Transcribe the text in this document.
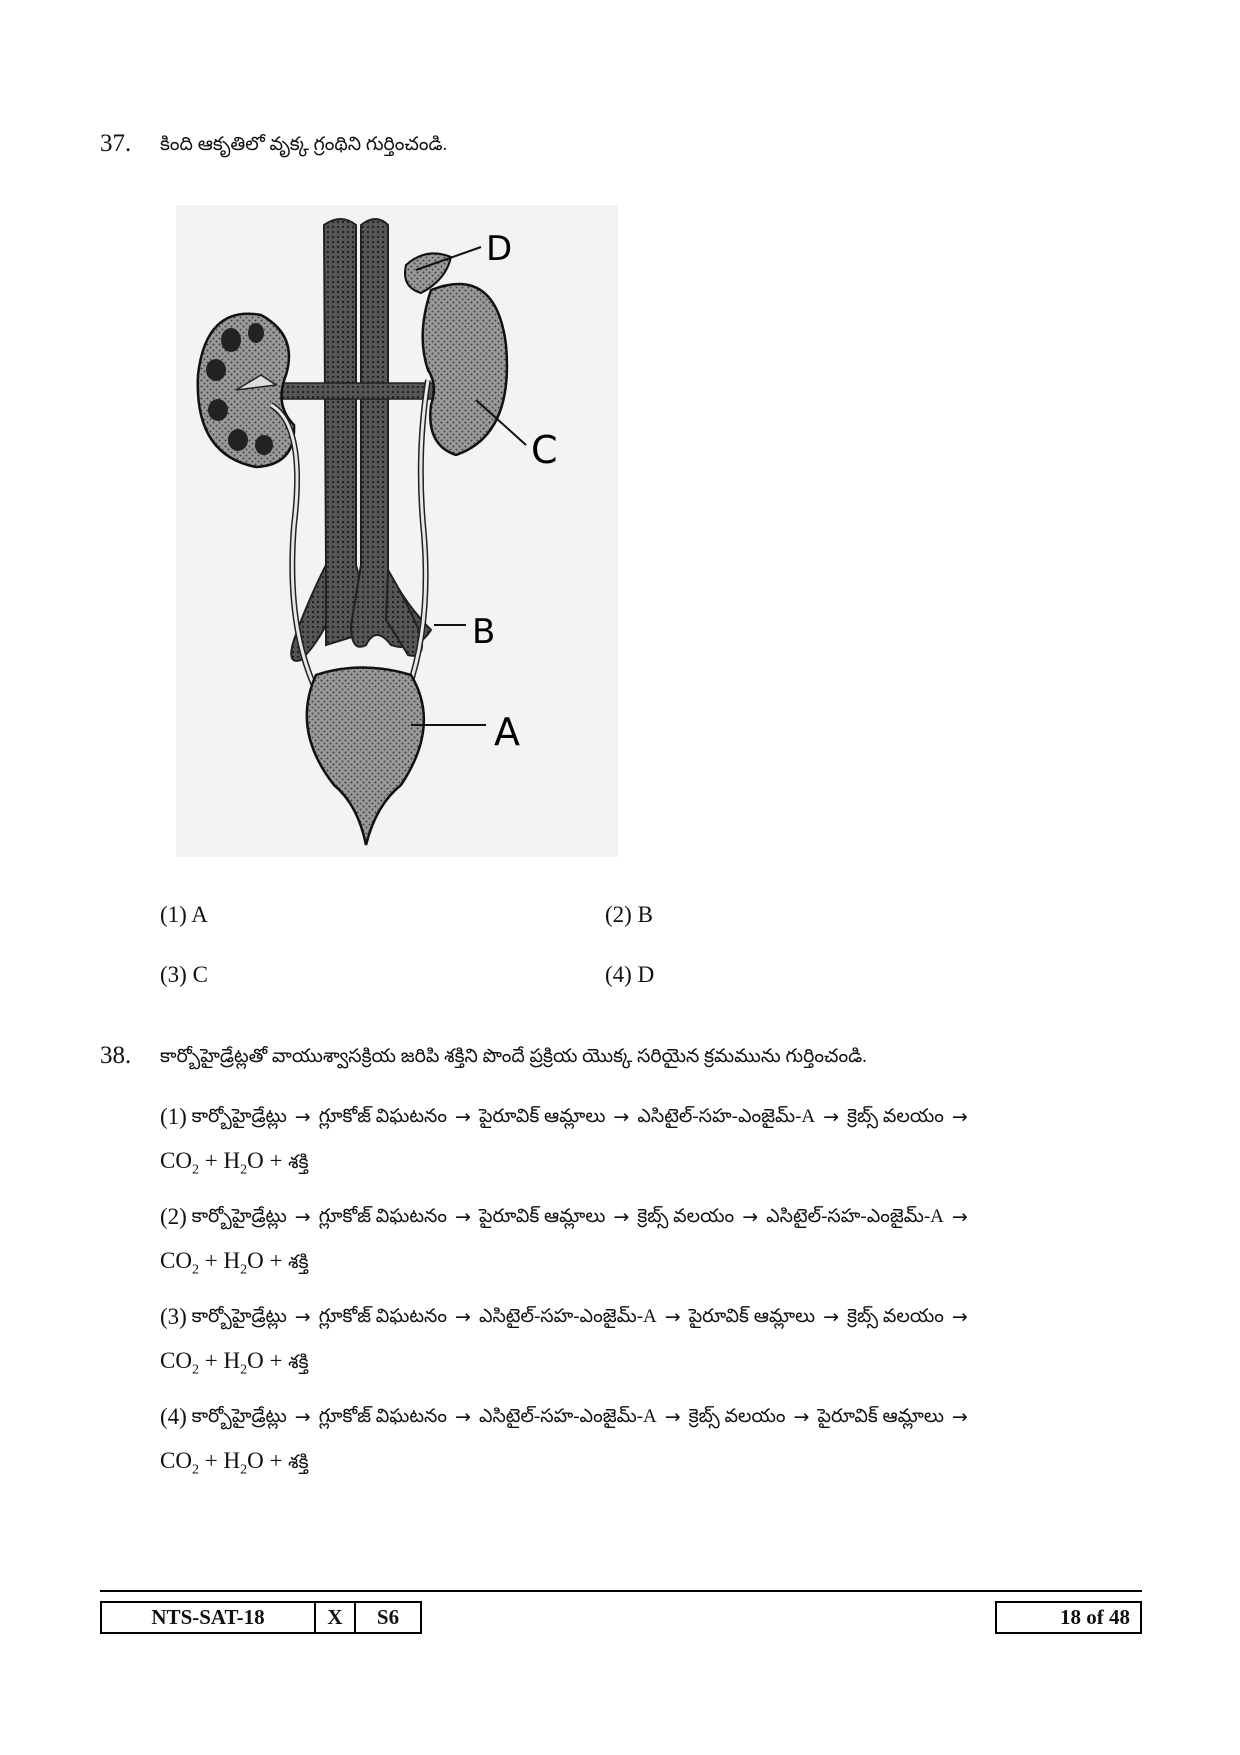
37. కింది ఆకృతిలో వృక్క గ్రంథిని గుర్తించండి.
D
C
B
A
(1) A	(2) B
(3) C	(4) D
38. కార్బోహైడ్రేట్లతో వాయుశ్వాసక్రియ జరిపి శక్తిని పొందే ప్రక్రియ యొక్క సరియైన క్రమమును గుర్తించండి.
(1)
కార్బోహైడ్రేట్లు → గ్లూకోజ్ విఘటనం → పైరూవిక్ ఆమ్లాలు → ఎసిటైల్-సహ-ఎంజైమ్-A → క్రెబ్స్ వలయం →
$CO_2 + H_2O$ + శక్తి
(2)
కార్బోహైడ్రేట్లు → గ్లూకోజ్ విఘటనం → పైరూవిక్ ఆమ్లాలు → క్రెబ్స్ వలయం → ఎసిటైల్-సహ-ఎంజైమ్-A →
$CO_2 + H_2O$ + శక్తి
(3)
కార్బోహైడ్రేట్లు → గ్లూకోజ్ విఘటనం → ఎసిటైల్-సహ-ఎంజైమ్-A → పైరూవిక్ ఆమ్లాలు → క్రెబ్స్ వలయం →
$CO_2 + H_2O$ + శక్తి
(4)
కార్బోహైడ్రేట్లు → గ్లూకోజ్ విఘటనం → ఎసిటైల్-సహ-ఎంజైమ్-A → క్రెబ్స్ వలయం → పైరూవిక్ ఆమ్లాలు →
$CO_2 + H_2O$ + శక్తి
NTS-SAT-18	X	S6	18 of 48
